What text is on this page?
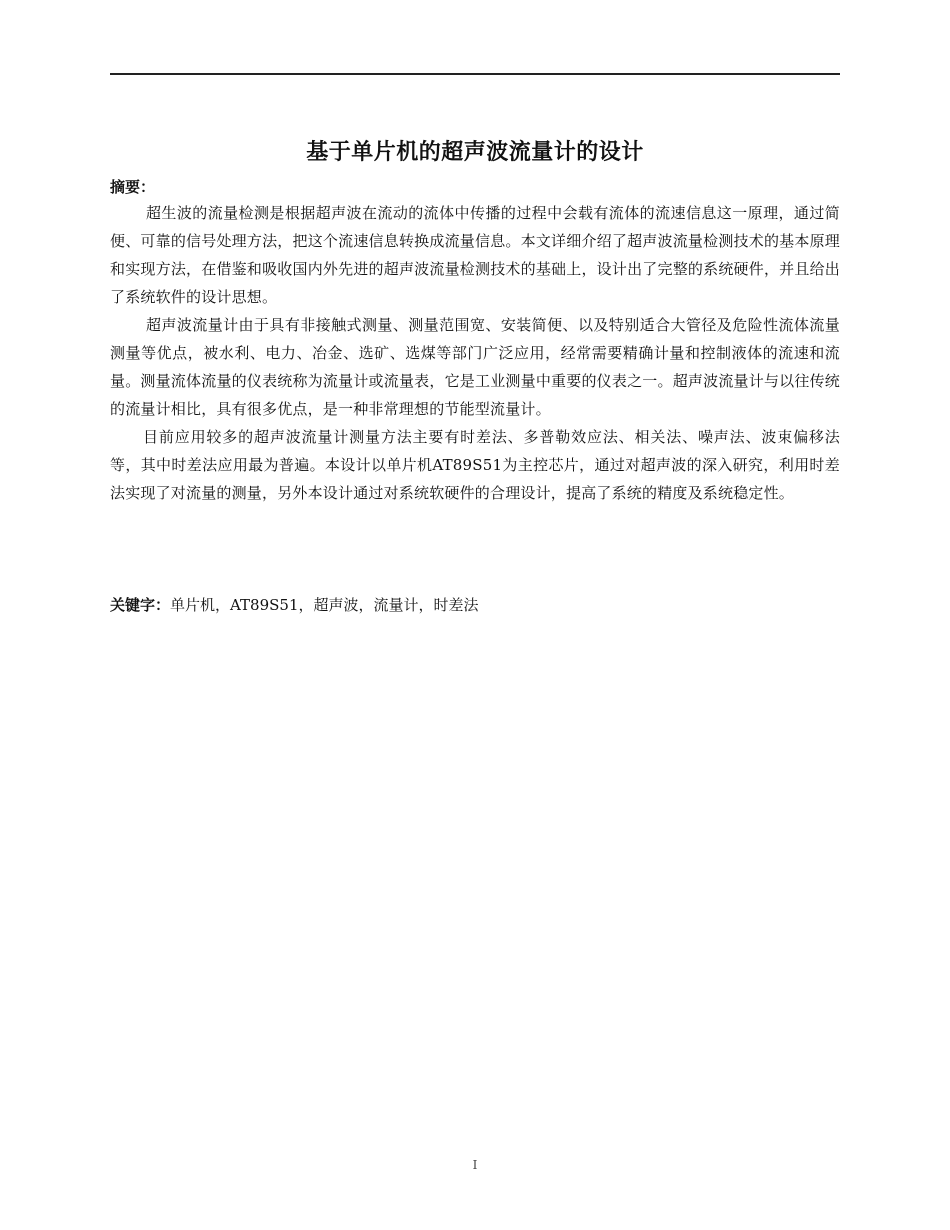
基于单片机的超声波流量计的设计
摘要：

超生波的流量检测是根据超声波在流动的流体中传播的过程中会载有流体的流速信息这一原理，通过简便、可靠的信号处理方法，把这个流速信息转换成流量信息。本文详细介绍了超声波流量检测技术的基本原理和实现方法，在借鉴和吸收国内外先进的超声波流量检测技术的基础上，设计出了完整的系统硬件，并且给出了系统软件的设计思想。

超声波流量计由于具有非接触式测量、测量范围宽、安装简便、以及特别适合大管径及危险性流体流量测量等优点，被水利、电力、冶金、选矿、选煤等部门广泛应用，经常需要精确计量和控制液体的流速和流量。测量流体流量的仪表统称为流量计或流量表，它是工业测量中重要的仪表之一。超声波流量计与以往传统的流量计相比，具有很多优点，是一种非常理想的节能型流量计。

目前应用较多的超声波流量计测量方法主要有时差法、多普勒效应法、相关法、噪声法、波束偏移法等，其中时差法应用最为普遍。本设计以单片机AT89S51为主控芯片，通过对超声波的深入研究，利用时差法实现了对流量的测量，另外本设计通过对系统软硬件的合理设计，提高了系统的精度及系统稳定性。

关键字：单片机，AT89S51，超声波，流量计，时差法
I
